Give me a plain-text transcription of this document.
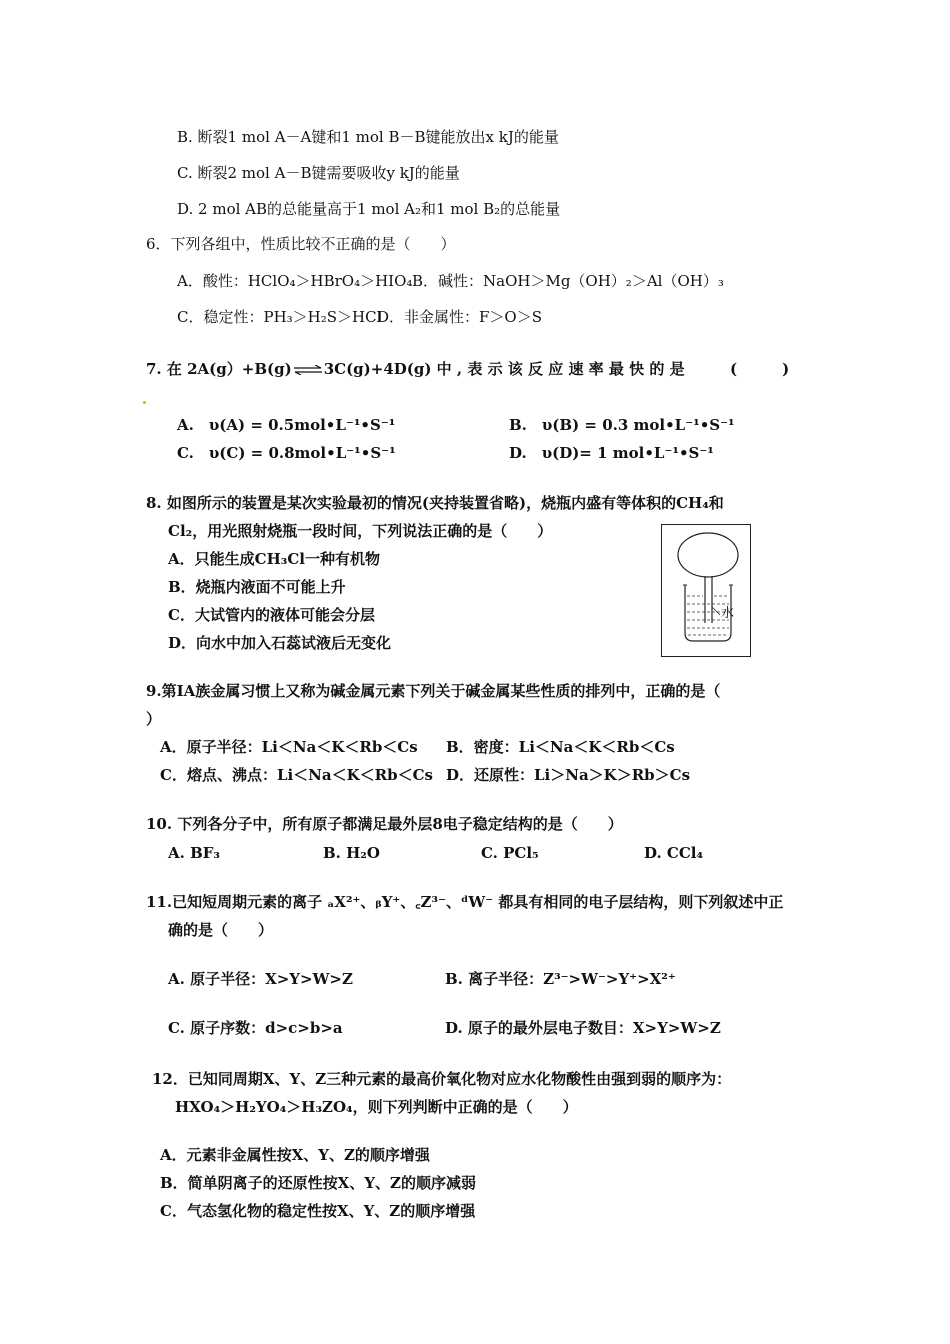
B. 断裂1 mol A－A键和1 mol B－B键能放出x kJ的能量
C. 断裂2 mol A－B键需要吸收y kJ的能量
D. 2 mol AB的总能量高于1 mol A₂和1 mol B₂的总能量
6．下列各组中，性质比较不正确的是（　　）
A．酸性：HClO₄＞HBrO₄＞HIO₄ B．碱性：NaOH＞Mg（OH）₂＞Al（OH）₃
C．稳定性：PH₃＞H₂S＞HCl
D．非金属性：F＞O＞S
7. 在 2A(g）+B(g)⇌3C(g)+4D(g) 中 , 表 示 该 反 应 速 率 最 快 的 是	(　　　)
A.　υ(A) = 0.5mol•L⁻¹•S⁻¹	B.　υ(B) = 0.3 mol•L⁻¹•S⁻¹
C.　υ(C) = 0.8mol•L⁻¹•S⁻¹	D.　υ(D)= 1 mol•L⁻¹•S⁻¹
8. 如图所示的装置是某次实验最初的情况(夹持装置省略)，烧瓶内盛有等体积的CH₄和
Cl₂，用光照射烧瓶一段时间，下列说法正确的是（　　）
A．只能生成CH₃Cl一种有机物
B．烧瓶内液面不可能上升
C．大试管内的液体可能会分层
D．向水中加入石蕊试液后无变化
水
9.第ⅠA族金属习惯上又称为碱金属元素下列关于碱金属某些性质的排列中，正确的是（
）
A．原子半径：Li＜Na＜K＜Rb＜Cs B．密度：Li＜Na＜K＜Rb＜Cs
C．熔点、沸点：Li＜Na＜K＜Rb＜Cs D．还原性：Li＞Na＞K＞Rb＞Cs
10. 下列各分子中，所有原子都满足最外层8电子稳定结构的是（　　）
A. BF₃	B. H₂O	C. PCl₅	D. CCl₄
11.已知短周期元素的离子 ₐX²⁺、ᵦY⁺、꜀Z³⁻、ᵈW⁻ 都具有相同的电子层结构，则下列叙述中正
确的是（　　）
A. 原子半径：X>Y>W>Z	B. 离子半径：Z³⁻>W⁻>Y⁺>X²⁺
C. 原子序数：d>c>b>a	D. 原子的最外层电子数目：X>Y>W>Z
12．已知同周期X、Y、Z三种元素的最高价氧化物对应水化物酸性由强到弱的顺序为：
HXO₄＞H₂YO₄＞H₃ZO₄，则下列判断中正确的是（　　）
A．元素非金属性按X、Y、Z的顺序增强
B．简单阴离子的还原性按X、Y、Z的顺序减弱
C．气态氢化物的稳定性按X、Y、Z的顺序增强
